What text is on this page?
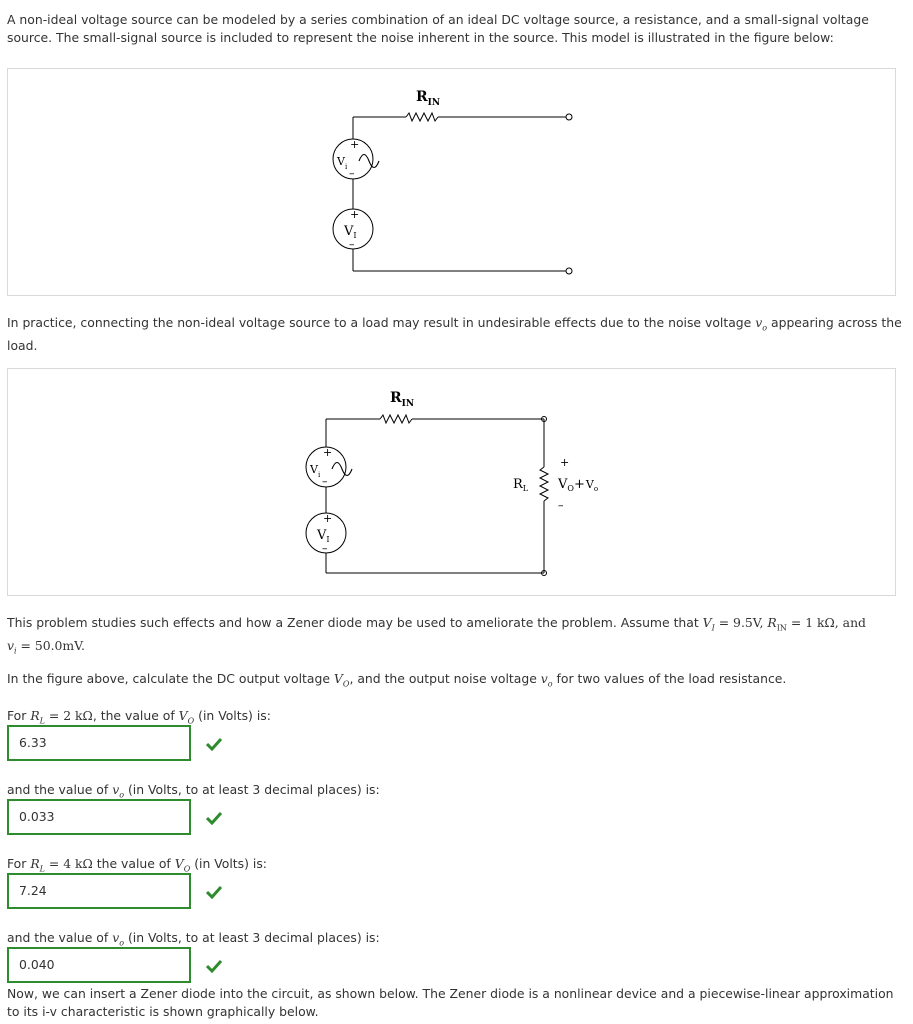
A non-ideal voltage source can be modeled by a series combination of an ideal DC voltage source, a resistance, and a small-signal voltage source. The small-signal source is included to represent the noise inherent in the source. This model is illustrated in the figure below:

$R_{IN}$
+
$V_i$ –
+
$V_I$
–

In practice, connecting the non-ideal voltage source to a load may result in undesirable effects due to the noise voltage $v_o$ appearing across the load.

$R_{IN}$
+
$V_i$ –
+
$V_I$
–
$R_L$
+
$V_O+V_o$
–

This problem studies such effects and how a Zener diode may be used to ameliorate the problem. Assume that $V_I = 9.5V$, $R_{IN} = 1$ kΩ, and
$v_i = 50.0mV$.

In the figure above, calculate the DC output voltage $V_O$, and the output noise voltage $v_o$ for two values of the load resistance.

For $R_L = 2$ kΩ, the value of $V_O$ (in Volts) is:

6.33

and the value of $v_o$ (in Volts, to at least 3 decimal places) is:

0.033

For $R_L = 4$ kΩ the value of $V_O$ (in Volts) is:

7.24

and the value of $v_o$ (in Volts, to at least 3 decimal places) is:

0.040

Now, we can insert a Zener diode into the circuit, as shown below. The Zener diode is a nonlinear device and a piecewise-linear approximation to its i-v characteristic is shown graphically below.
